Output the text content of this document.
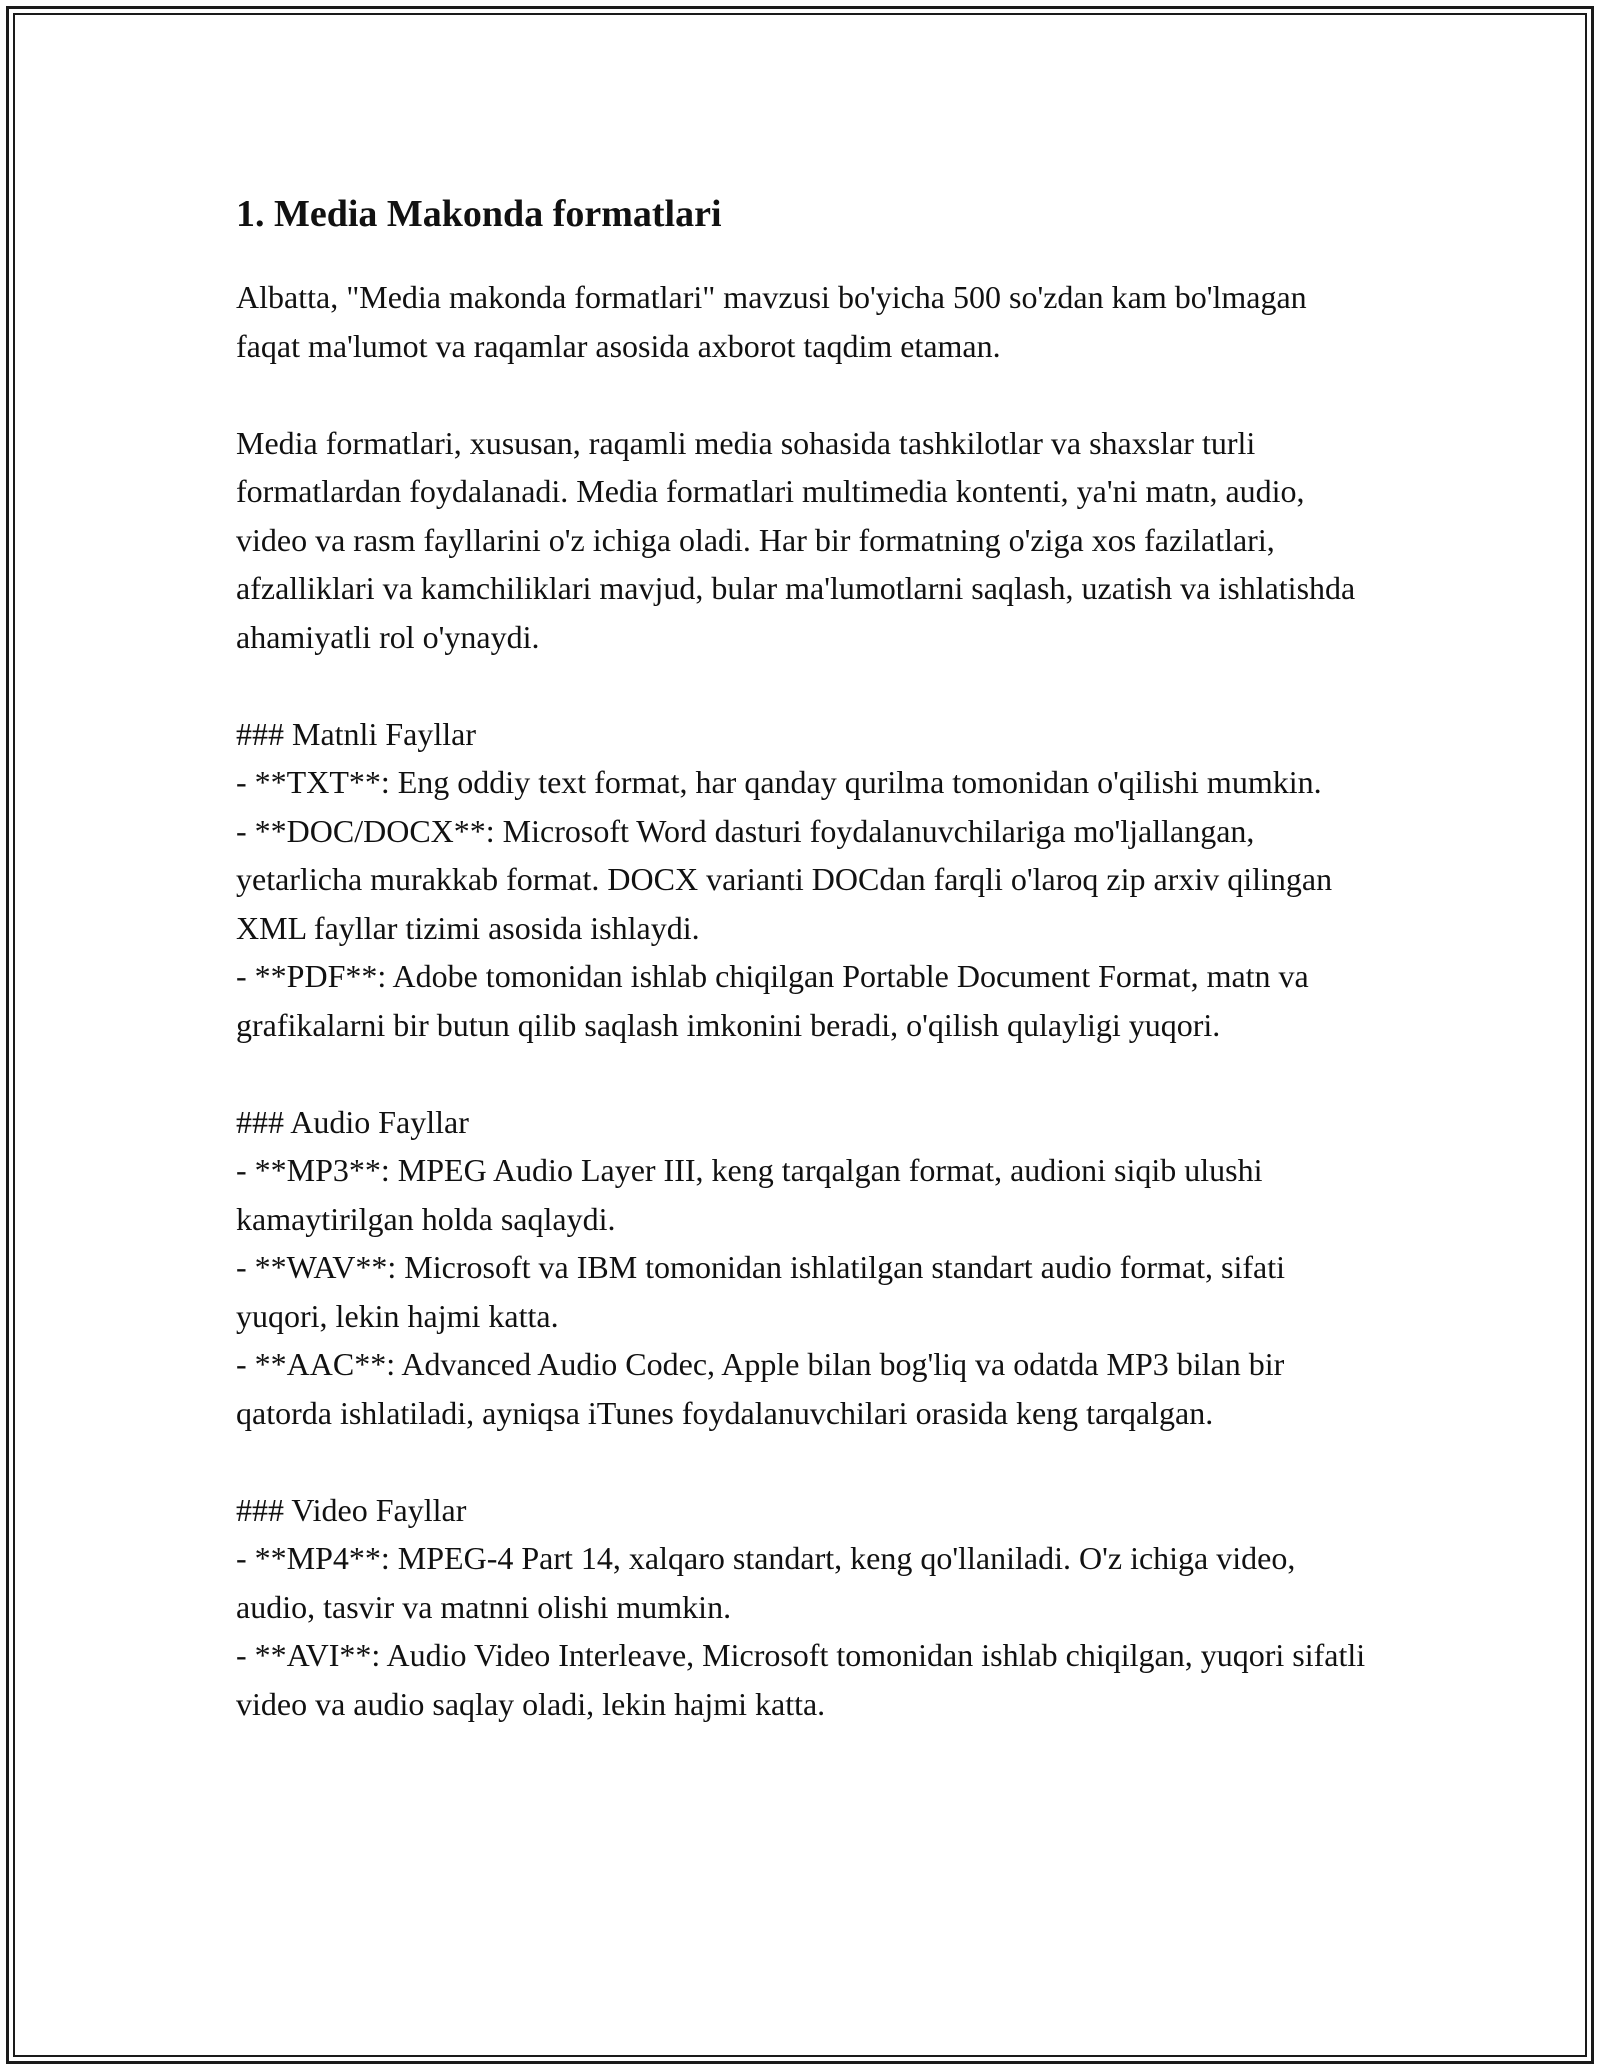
1. Media Makonda formatlari

Albatta, "Media makonda formatlari" mavzusi bo'yicha 500 so'zdan kam bo'lmagan faqat ma'lumot va raqamlar asosida axborot taqdim etaman.

Media formatlari, xususan, raqamli media sohasida tashkilotlar va shaxslar turli formatlardan foydalanadi. Media formatlari multimedia kontenti, ya'ni matn, audio, video va rasm fayllarini o'z ichiga oladi. Har bir formatning o'ziga xos fazilatlari, afzalliklari va kamchiliklari mavjud, bular ma'lumotlarni saqlash, uzatish va ishlatishda ahamiyatli rol o'ynaydi.

### Matnli Fayllar
- **TXT**: Eng oddiy text format, har qanday qurilma tomonidan o'qilishi mumkin.
- **DOC/DOCX**: Microsoft Word dasturi foydalanuvchilariga mo'ljallangan, yetarlicha murakkab format. DOCX varianti DOCdan farqli o'laroq zip arxiv qilingan XML fayllar tizimi asosida ishlaydi.
- **PDF**: Adobe tomonidan ishlab chiqilgan Portable Document Format, matn va grafikalarni bir butun qilib saqlash imkonini beradi, o'qilish qulayligi yuqori.
### Audio Fayllar
- **MP3**: MPEG Audio Layer III, keng tarqalgan format, audioni siqib ulushi kamaytirilgan holda saqlaydi.
- **WAV**: Microsoft va IBM tomonidan ishlatilgan standart audio format, sifati yuqori, lekin hajmi katta.
- **AAC**: Advanced Audio Codec, Apple bilan bog'liq va odatda MP3 bilan bir qatorda ishlatiladi, ayniqsa iTunes foydalanuvchilari orasida keng tarqalgan.
### Video Fayllar
- **MP4**: MPEG-4 Part 14, xalqaro standart, keng qo'llaniladi. O'z ichiga video, audio, tasvir va matnni olishi mumkin.
- **AVI**: Audio Video Interleave, Microsoft tomonidan ishlab chiqilgan, yuqori sifatli video va audio saqlay oladi, lekin hajmi katta.
